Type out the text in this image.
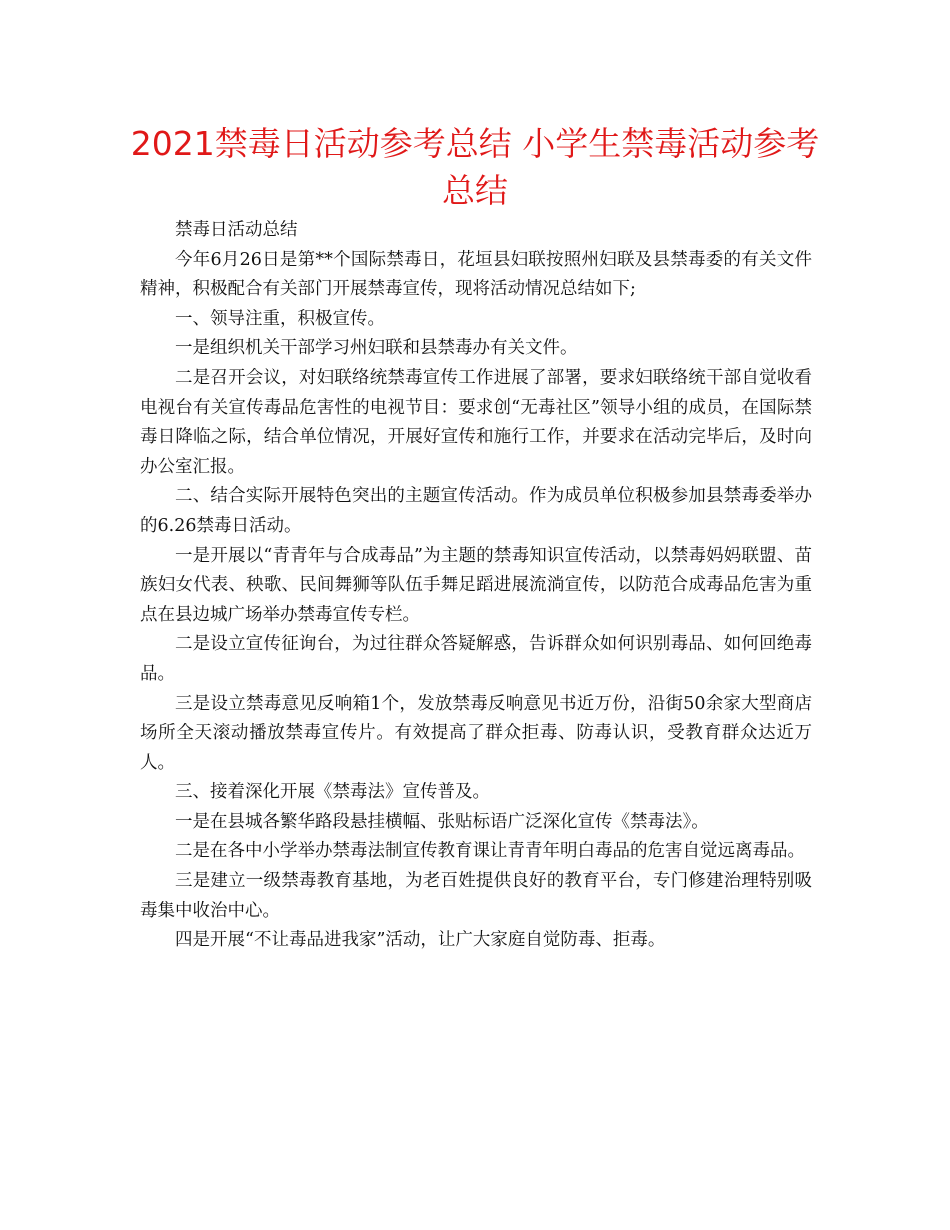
2021禁毒日活动参考总结 小学生禁毒活动参考总结

禁毒日活动总结

今年6月26日是第**个国际禁毒日，花垣县妇联按照州妇联及县禁毒委的有关文件精神，积极配合有关部门开展禁毒宣传，现将活动情况总结如下;

一、领导注重，积极宣传。

一是组织机关干部学习州妇联和县禁毒办有关文件。

二是召开会议，对妇联络统禁毒宣传工作进展了部署，要求妇联络统干部自觉收看电视台有关宣传毒品危害性的电视节目：要求创“无毒社区”领导小组的成员，在国际禁毒日降临之际，结合单位情况，开展好宣传和施行工作，并要求在活动完毕后，及时向办公室汇报。

二、结合实际开展特色突出的主题宣传活动。作为成员单位积极参加县禁毒委举办的6.26禁毒日活动。

一是开展以“青青年与合成毒品”为主题的禁毒知识宣传活动，以禁毒妈妈联盟、苗族妇女代表、秧歌、民间舞狮等队伍手舞足蹈进展流淌宣传，以防范合成毒品危害为重点在县边城广场举办禁毒宣传专栏。

二是设立宣传征询台，为过往群众答疑解惑，告诉群众如何识别毒品、如何回绝毒品。

三是设立禁毒意见反响箱1个，发放禁毒反响意见书近万份，沿街50余家大型商店场所全天滚动播放禁毒宣传片。有效提高了群众拒毒、防毒认识，受教育群众达近万人。

三、接着深化开展《禁毒法》宣传普及。

一是在县城各繁华路段悬挂横幅、张贴标语广泛深化宣传《禁毒法》。

二是在各中小学举办禁毒法制宣传教育课让青青年明白毒品的危害自觉远离毒品。

三是建立一级禁毒教育基地，为老百姓提供良好的教育平台，专门修建治理特别吸毒集中收治中心。

四是开展“不让毒品进我家”活动，让广大家庭自觉防毒、拒毒。
